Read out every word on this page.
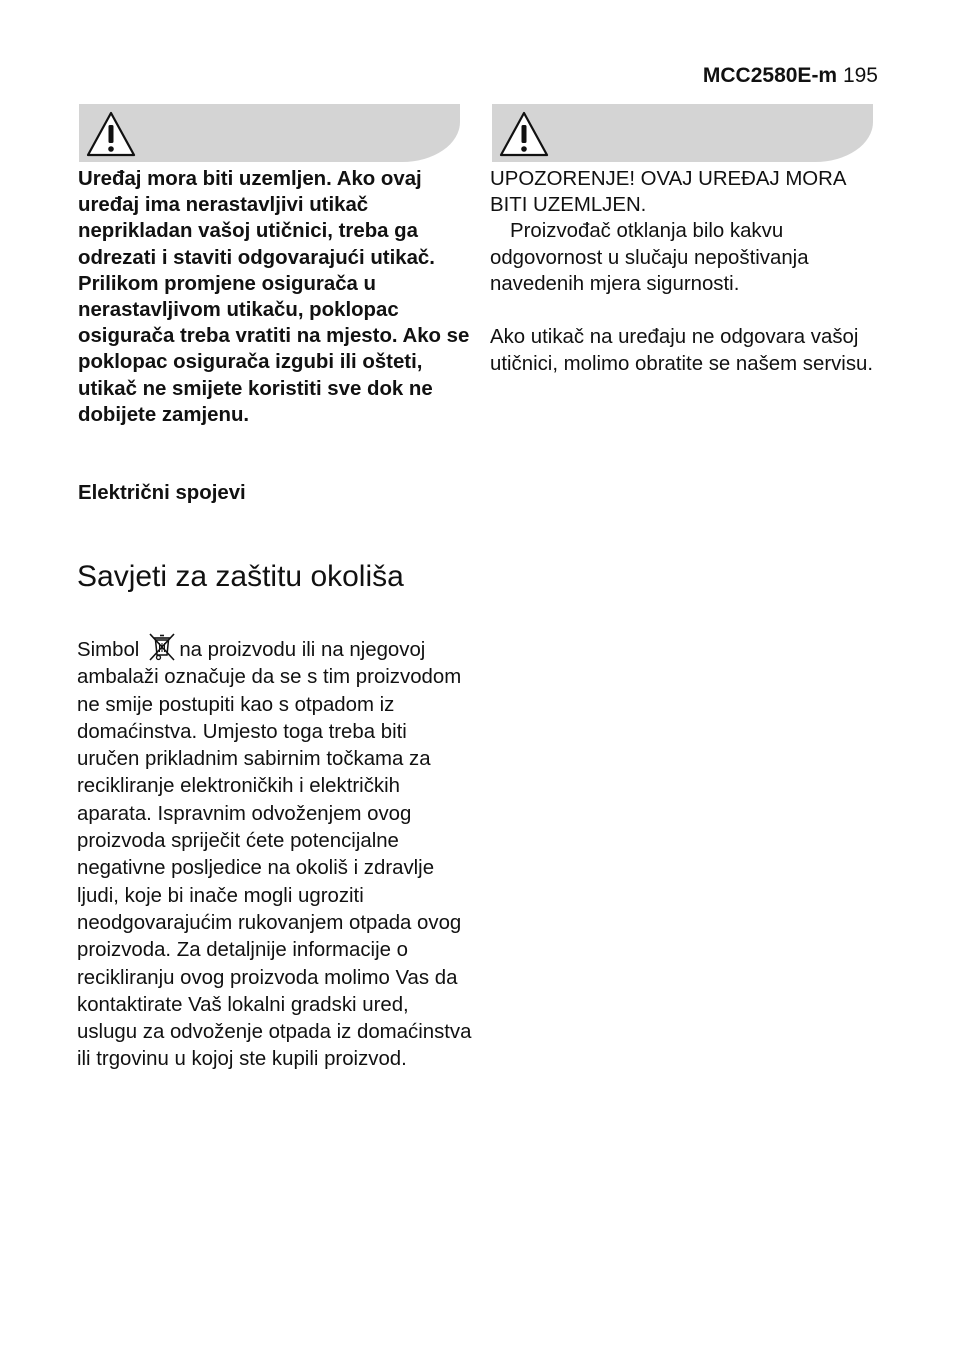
MCC2580E-m 195

Uređaj mora biti uzemljen. Ako ovaj uređaj ima nerastavljivi utikač neprikladan vašoj utičnici, treba ga odrezati i staviti odgovarajući utikač. Prilikom promjene osigurača u nerastavljivom utikaču, poklopac osigurača treba vratiti na mjesto. Ako se poklopac osigurača izgubi ili ošteti, utikač ne smijete koristiti sve dok ne dobijete zamjenu.

Električni spojevi

Savjeti za zaštitu okoliša

Simbol na proizvodu ili na njegovoj ambalaži označuje da se s tim proizvodom ne smije postupiti kao s otpadom iz domaćinstva. Umjesto toga treba biti uručen prikladnim sabirnim točkama za recikliranje elektroničkih i električkih aparata. Ispravnim odvoženjem ovog proizvoda spriječit ćete potencijalne negativne posljedice na okoliš i zdravlje ljudi, koje bi inače mogli ugroziti neodgovarajućim rukovanjem otpada ovog proizvoda. Za detaljnije informacije o recikliranju ovog proizvoda molimo Vas da kontaktirate Vaš lokalni gradski ured, uslugu za odvoženje otpada iz domaćinstva ili trgovinu u kojoj ste kupili proizvod.

UPOZORENJE! OVAJ UREĐAJ MORA BITI UZEMLJEN.

Proizvođač otklanja bilo kakvu odgovornost u slučaju nepoštivanja navedenih mjera sigurnosti.

Ako utikač na uređaju ne odgovara vašoj utičnici, molimo obratite se našem servisu.
